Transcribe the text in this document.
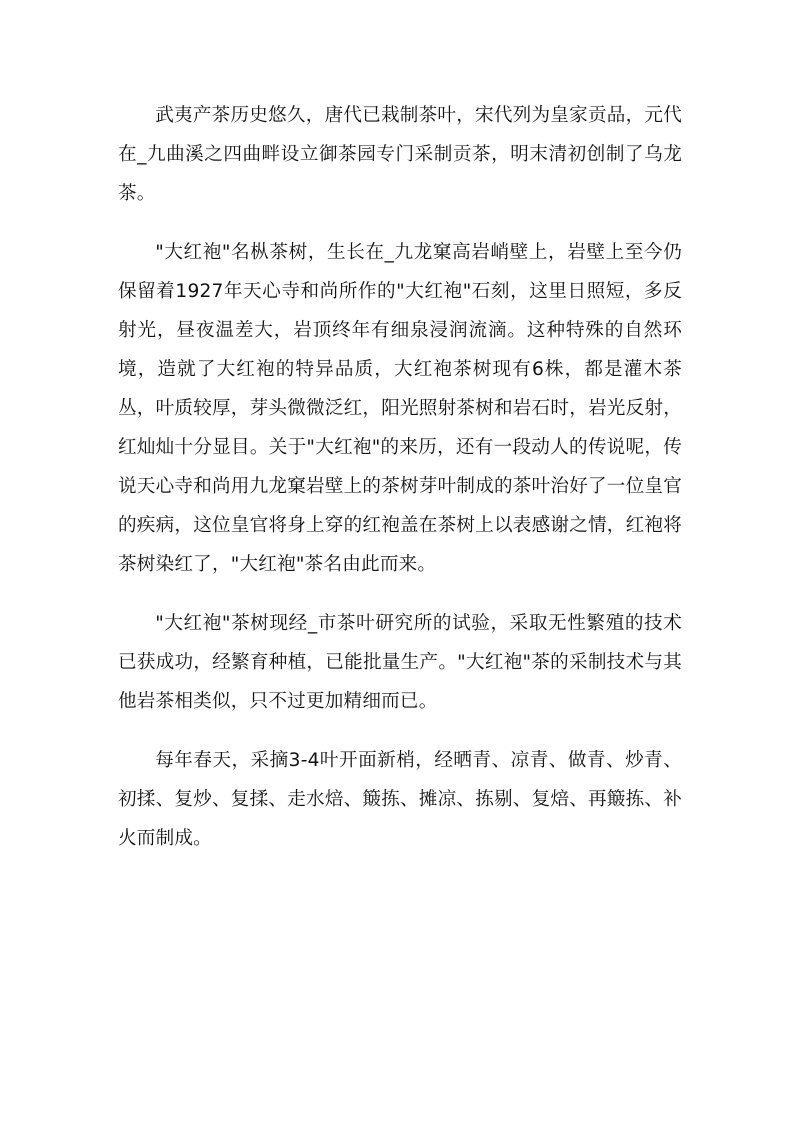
武夷产茶历史悠久，唐代已栽制茶叶，宋代列为皇家贡品，元代在_九曲溪之四曲畔设立御茶园专门采制贡茶，明末清初创制了乌龙茶。

"大红袍"名枞茶树，生长在_九龙窠高岩峭壁上，岩壁上至今仍保留着1927年天心寺和尚所作的"大红袍"石刻，这里日照短，多反射光，昼夜温差大，岩顶终年有细泉浸润流滴。这种特殊的自然环境，造就了大红袍的特异品质，大红袍茶树现有6株，都是灌木茶丛，叶质较厚，芽头微微泛红，阳光照射茶树和岩石时，岩光反射，红灿灿十分显目。关于"大红袍"的来历，还有一段动人的传说呢，传说天心寺和尚用九龙窠岩壁上的茶树芽叶制成的茶叶治好了一位皇官的疾病，这位皇官将身上穿的红袍盖在茶树上以表感谢之情，红袍将茶树染红了，"大红袍"茶名由此而来。

"大红袍"茶树现经_市茶叶研究所的试验，采取无性繁殖的技术已获成功，经繁育种植，已能批量生产。"大红袍"茶的采制技术与其他岩茶相类似，只不过更加精细而已。

每年春天，采摘3-4叶开面新梢，经晒青、凉青、做青、炒青、初揉、复炒、复揉、走水焙、簸拣、摊凉、拣剔、复焙、再簸拣、补火而制成。
